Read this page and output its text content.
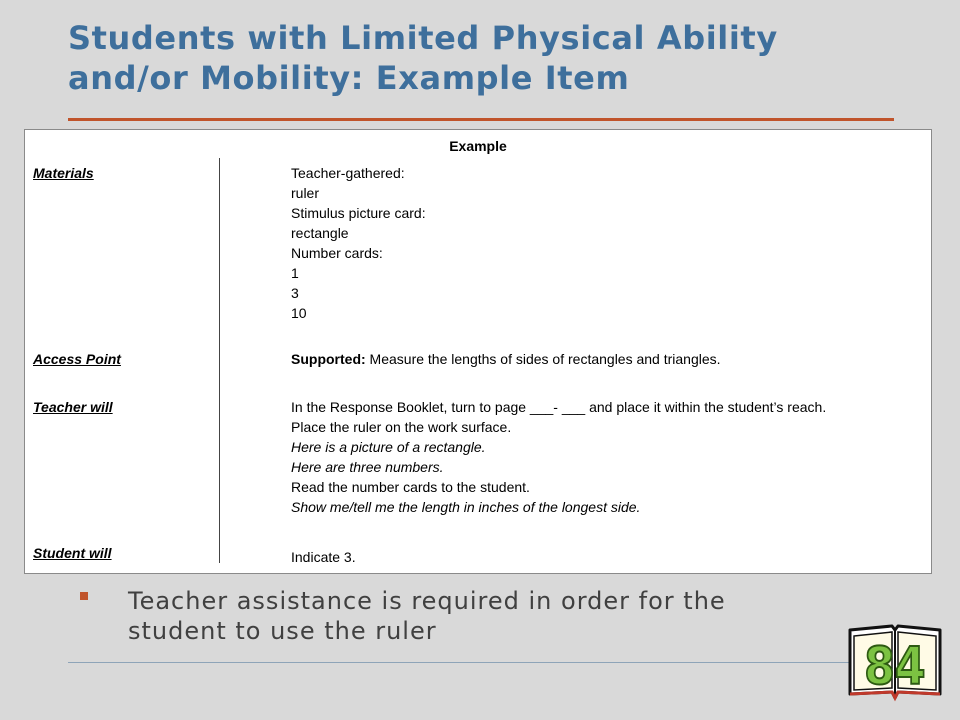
Students with Limited Physical Ability
and/or Mobility: Example Item
Example
Materials	Teacher-gathered:
ruler
Stimulus picture card:
rectangle
Number cards:
1
3
10
Access Point	Supported: Measure the lengths of sides of rectangles and triangles.
Teacher will	In the Response Booklet, turn to page ___- ___ and place it within the student’s reach.
Place the ruler on the work surface.
Here is a picture of a rectangle.
Here are three numbers.
Read the number cards to the student.
Show me/tell me the length in inches of the longest side.
Student will	Indicate 3.
Teacher assistance is required in order for the
student to use the ruler
84
